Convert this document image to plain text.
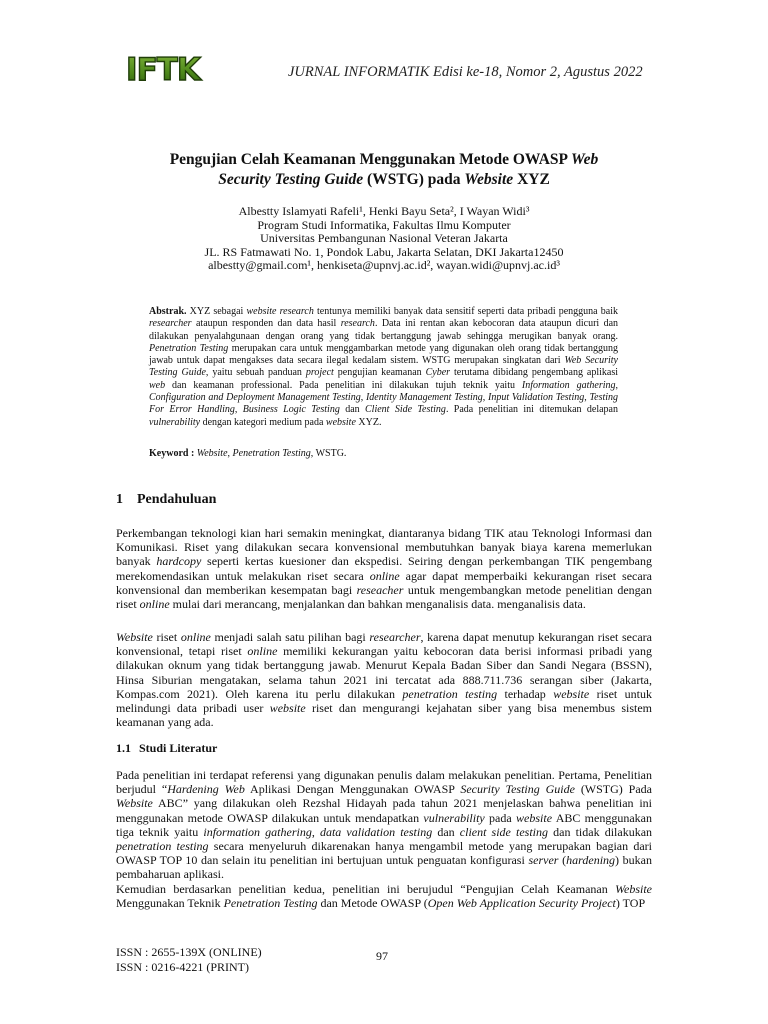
IFTK	JURNAL INFORMATIK Edisi ke-18, Nomor 2, Agustus 2022
Pengujian Celah Keamanan Menggunakan Metode OWASP Web
Security Testing Guide (WSTG) pada Website XYZ
Albestty Islamyati Rafeli¹, Henki Bayu Seta², I Wayan Widi³
Program Studi Informatika, Fakultas Ilmu Komputer
Universitas Pembangunan Nasional Veteran Jakarta
JL. RS Fatmawati No. 1, Pondok Labu, Jakarta Selatan, DKI Jakarta12450
albestty@gmail.com¹, henkiseta@upnvj.ac.id², wayan.widi@upnvj.ac.id³

Abstrak. XYZ sebagai website research tentunya memiliki banyak data sensitif seperti data pribadi pengguna baik researcher ataupun responden dan data hasil research. Data ini rentan akan kebocoran data ataupun dicuri dan dilakukan penyalahgunaan dengan orang yang tidak bertanggung jawab sehingga merugikan banyak orang. Penetration Testing merupakan cara untuk menggambarkan metode yang digunakan oleh orang tidak bertanggung jawab untuk dapat mengakses data secara ilegal kedalam sistem. WSTG merupakan singkatan dari Web Security Testing Guide, yaitu sebuah panduan project pengujian keamanan Cyber terutama dibidang pengembang aplikasi web dan keamanan professional. Pada penelitian ini dilakukan tujuh teknik yaitu Information gathering, Configuration and Deployment Management Testing, Identity Management Testing, Input Validation Testing, Testing For Error Handling, Business Logic Testing dan Client Side Testing. Pada penelitian ini ditemukan delapan vulnerability dengan kategori medium pada website XYZ.

Keyword : Website, Penetration Testing, WSTG.
1 Pendahuluan

Perkembangan teknologi kian hari semakin meningkat, diantaranya bidang TIK atau Teknologi Informasi dan Komunikasi. Riset yang dilakukan secara konvensional membutuhkan banyak biaya karena memerlukan banyak hardcopy seperti kertas kuesioner dan ekspedisi. Seiring dengan perkembangan TIK pengembang merekomendasikan untuk melakukan riset secara online agar dapat memperbaiki kekurangan riset secara konvensional dan memberikan kesempatan bagi reseacher untuk mengembangkan metode penelitian dengan riset online mulai dari merancang, menjalankan dan bahkan menganalisis data. menganalisis data.

Website riset online menjadi salah satu pilihan bagi researcher, karena dapat menutup kekurangan riset secara konvensional, tetapi riset online memiliki kekurangan yaitu kebocoran data berisi informasi pribadi yang dilakukan oknum yang tidak bertanggung jawab. Menurut Kepala Badan Siber dan Sandi Negara (BSSN), Hinsa Siburian mengatakan, selama tahun 2021 ini tercatat ada 888.711.736 serangan siber (Jakarta, Kompas.com 2021). Oleh karena itu perlu dilakukan penetration testing terhadap website riset untuk melindungi data pribadi user website riset dan mengurangi kejahatan siber yang bisa menembus sistem keamanan yang ada.

1.1 Studi Literatur

Pada penelitian ini terdapat referensi yang digunakan penulis dalam melakukan penelitian. Pertama, Penelitian berjudul “Hardening Web Aplikasi Dengan Menggunakan OWASP Security Testing Guide (WSTG) Pada Website ABC” yang dilakukan oleh Rezshal Hidayah pada tahun 2021 menjelaskan bahwa penelitian ini menggunakan metode OWASP dilakukan untuk mendapatkan vulnerability pada website ABC menggunakan tiga teknik yaitu information gathering, data validation testing dan client side testing dan tidak dilakukan penetration testing secara menyeluruh dikarenakan hanya mengambil metode yang merupakan bagian dari OWASP TOP 10 dan selain itu penelitian ini bertujuan untuk penguatan konfigurasi server (hardening) bukan pembaharuan aplikasi.

Kemudian berdasarkan penelitian kedua, penelitian ini berujudul “Pengujian Celah Keamanan Website Menggunakan Teknik Penetration Testing dan Metode OWASP (Open Web Application Security Project) TOP

ISSN : 2655-139X (ONLINE)
ISSN : 0216-4221 (PRINT)
97
